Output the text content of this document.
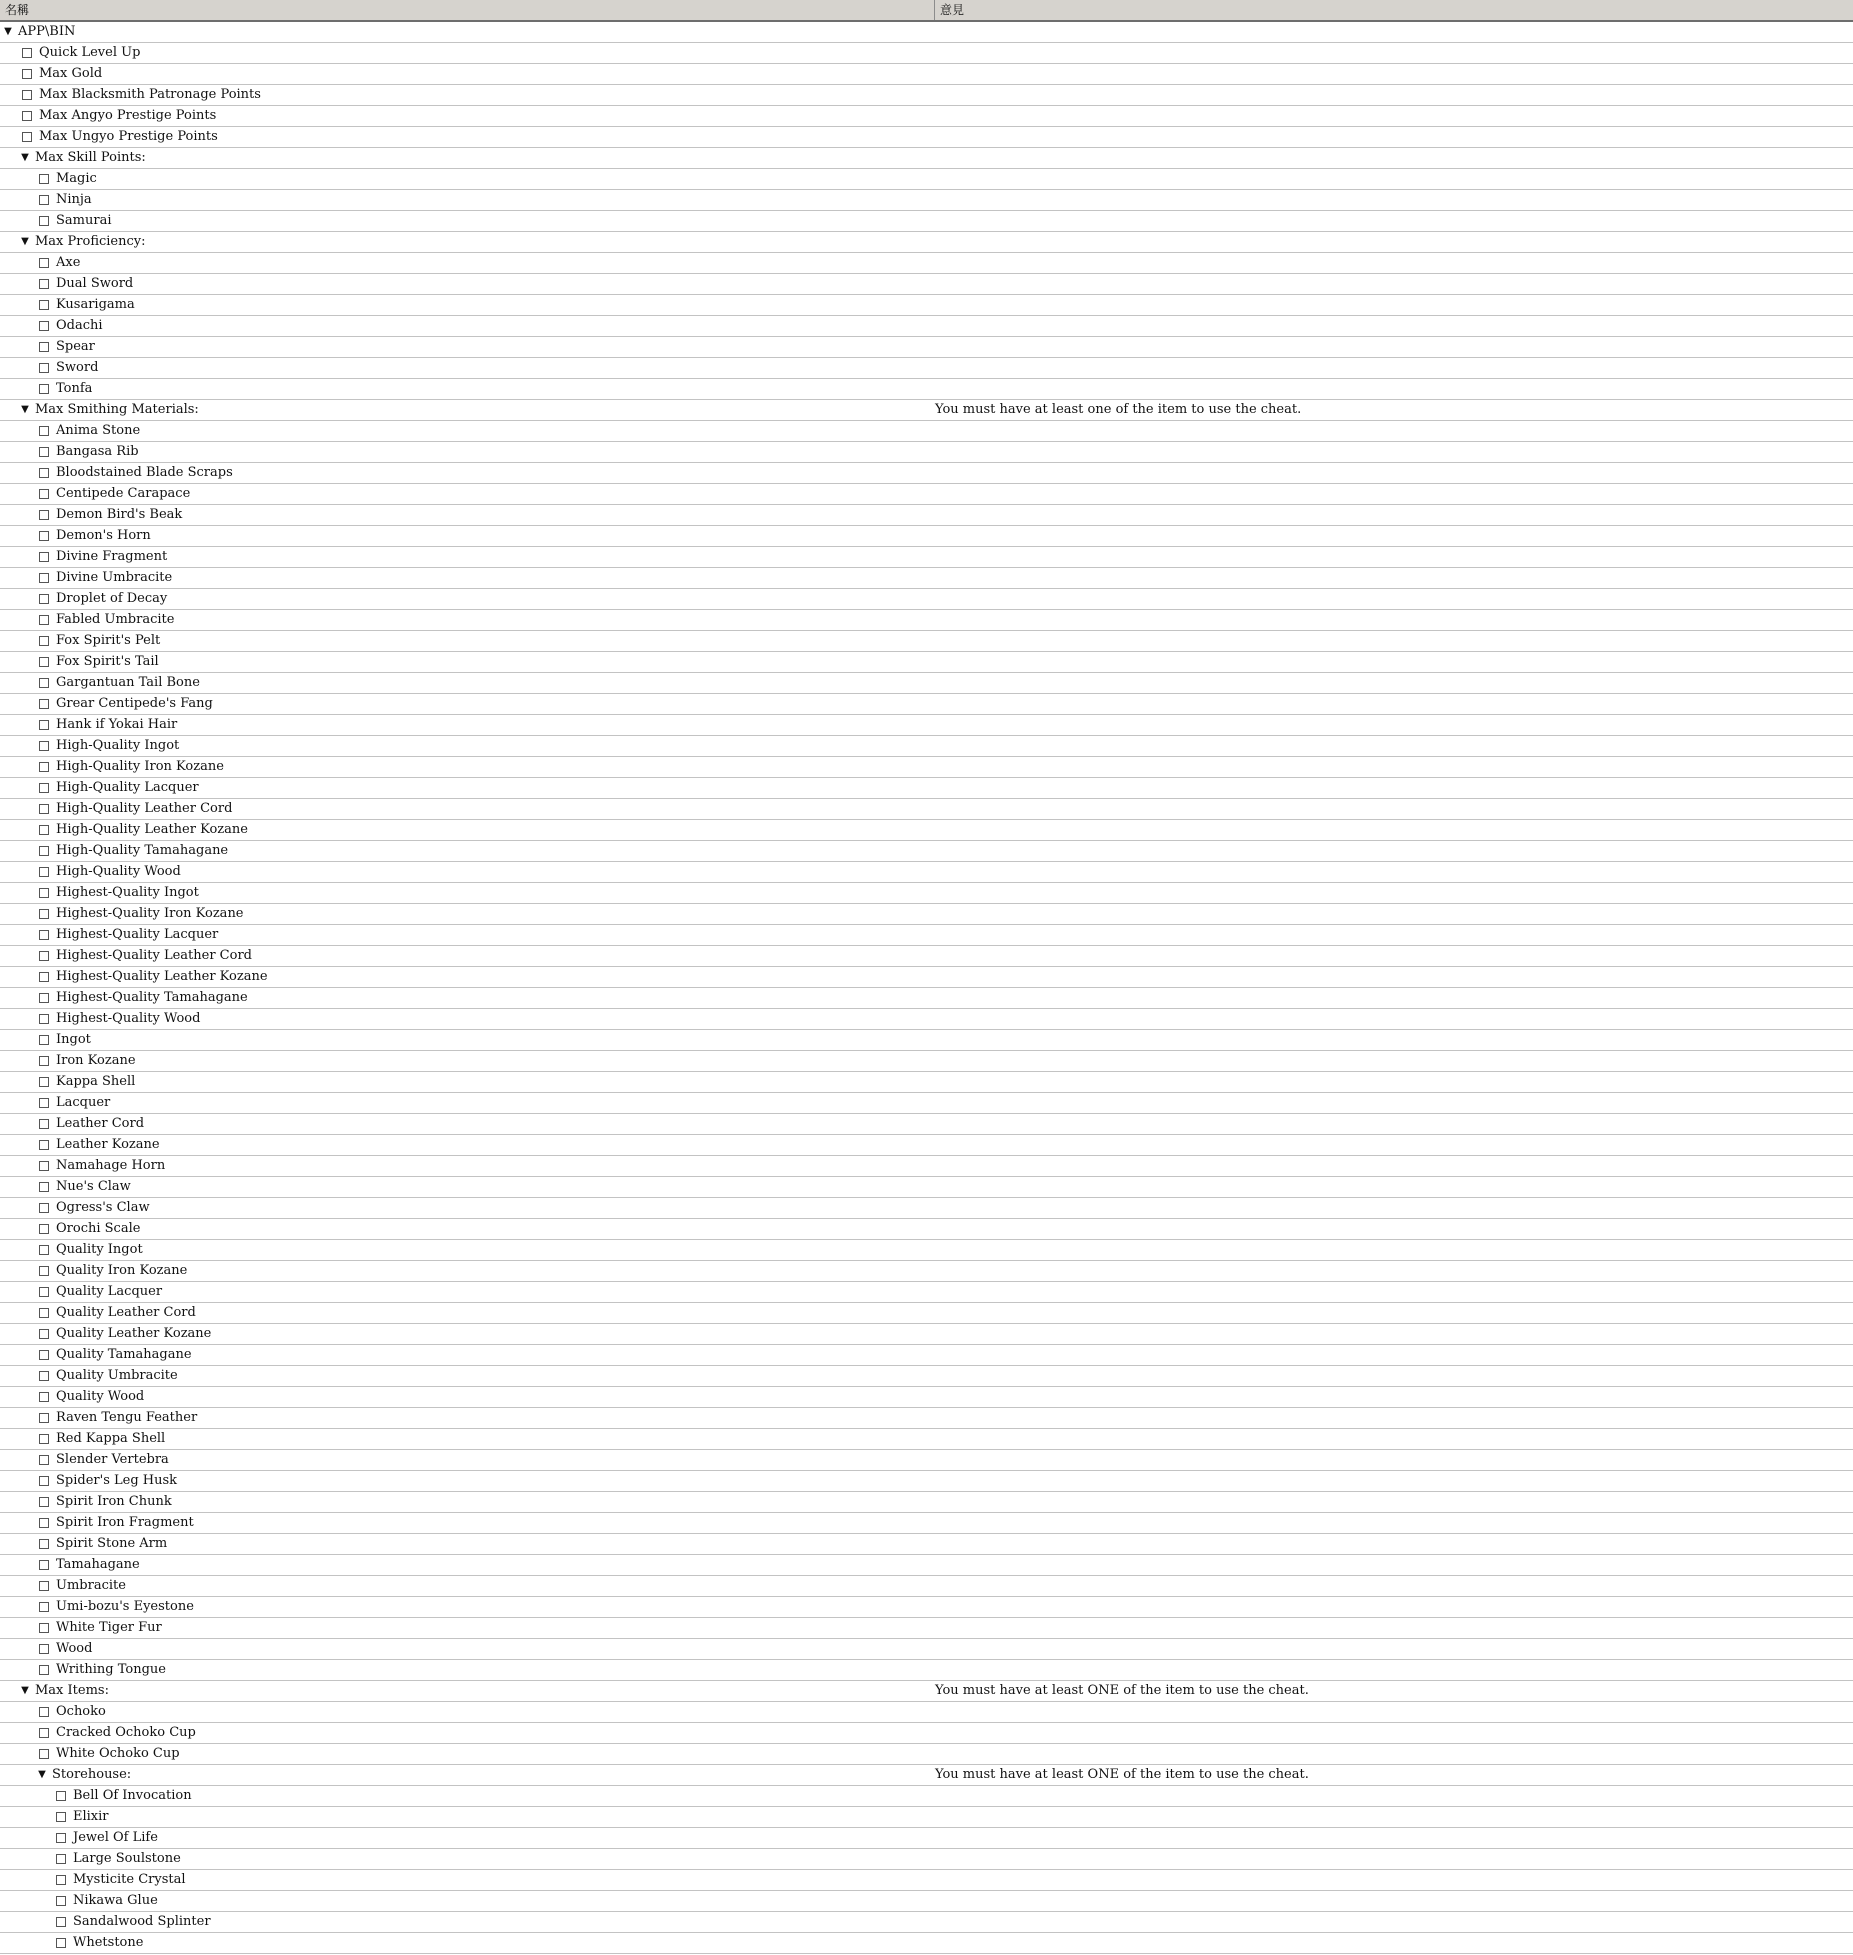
名稱	意見
▼ APP\BIN
Quick Level Up
Max Gold
Max Blacksmith Patronage Points
Max Angyo Prestige Points
Max Ungyo Prestige Points
▼ Max Skill Points:
Magic
Ninja
Samurai
▼ Max Proficiency:
Axe
Dual Sword
Kusarigama
Odachi
Spear
Sword
Tonfa
▼ Max Smithing Materials:	You must have at least one of the item to use the cheat.
Anima Stone
Bangasa Rib
Bloodstained Blade Scraps
Centipede Carapace
Demon Bird's Beak
Demon's Horn
Divine Fragment
Divine Umbracite
Droplet of Decay
Fabled Umbracite
Fox Spirit's Pelt
Fox Spirit's Tail
Gargantuan Tail Bone
Grear Centipede's Fang
Hank if Yokai Hair
High-Quality Ingot
High-Quality Iron Kozane
High-Quality Lacquer
High-Quality Leather Cord
High-Quality Leather Kozane
High-Quality Tamahagane
High-Quality Wood
Highest-Quality Ingot
Highest-Quality Iron Kozane
Highest-Quality Lacquer
Highest-Quality Leather Cord
Highest-Quality Leather Kozane
Highest-Quality Tamahagane
Highest-Quality Wood
Ingot
Iron Kozane
Kappa Shell
Lacquer
Leather Cord
Leather Kozane
Namahage Horn
Nue's Claw
Ogress's Claw
Orochi Scale
Quality Ingot
Quality Iron Kozane
Quality Lacquer
Quality Leather Cord
Quality Leather Kozane
Quality Tamahagane
Quality Umbracite
Quality Wood
Raven Tengu Feather
Red Kappa Shell
Slender Vertebra
Spider's Leg Husk
Spirit Iron Chunk
Spirit Iron Fragment
Spirit Stone Arm
Tamahagane
Umbracite
Umi-bozu's Eyestone
White Tiger Fur
Wood
Writhing Tongue
▼ Max Items:	You must have at least ONE of the item to use the cheat.
Ochoko
Cracked Ochoko Cup
White Ochoko Cup
▼ Storehouse:	You must have at least ONE of the item to use the cheat.
Bell Of Invocation
Elixir
Jewel Of Life
Large Soulstone
Mysticite Crystal
Nikawa Glue
Sandalwood Splinter
Whetstone
